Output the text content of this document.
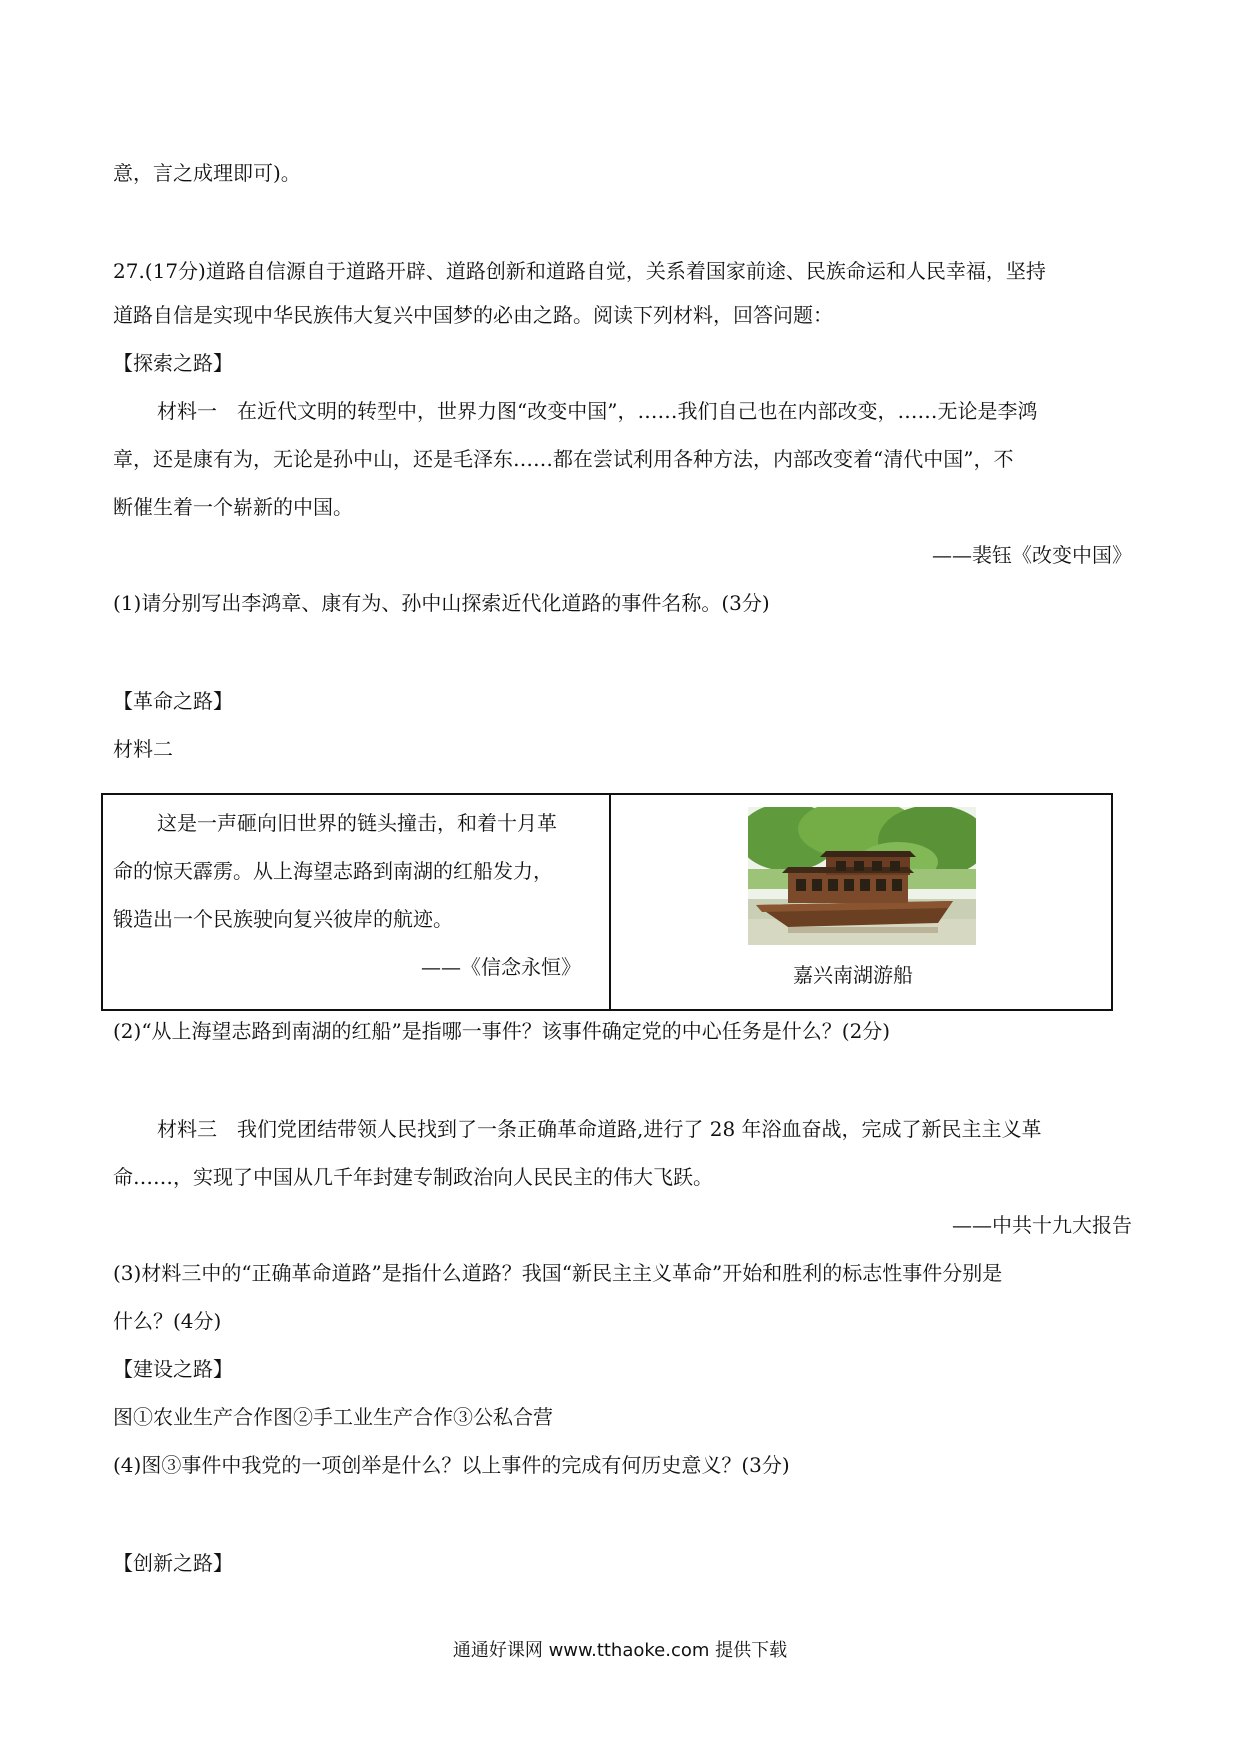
意，言之成理即可)。
27.(17分)道路自信源自于道路开辟、道路创新和道路自觉，关系着国家前途、民族命运和人民幸福，坚持
道路自信是实现中华民族伟大复兴中国梦的必由之路。阅读下列材料，回答问题：
【探索之路】
材料一　在近代文明的转型中，世界力图“改变中国”，……我们自己也在内部改变，……无论是李鸿
章，还是康有为，无论是孙中山，还是毛泽东……都在尝试利用各种方法，内部改变着“清代中国”，不
断催生着一个崭新的中国。
——裴钰《改变中国》
(1)请分别写出李鸿章、康有为、孙中山探索近代化道路的事件名称。(3分)
【革命之路】
材料二
这是一声砸向旧世界的链头撞击，和着十月革
命的惊天霹雳。从上海望志路到南湖的红船发力，
锻造出一个民族驶向复兴彼岸的航迹。
——《信念永恒》	嘉兴南湖游船
(2)“从上海望志路到南湖的红船”是指哪一事件？该事件确定党的中心任务是什么？(2分)
材料三　我们党团结带领人民找到了一条正确革命道路,进行了 28 年浴血奋战，完成了新民主主义革
命……，实现了中国从几千年封建专制政治向人民民主的伟大飞跃。
——中共十九大报告
(3)材料三中的“正确革命道路”是指什么道路？我国“新民主主义革命”开始和胜利的标志性事件分别是
什么？(4分)
【建设之路】
图①农业生产合作图②手工业生产合作③公私合营
(4)图③事件中我党的一项创举是什么？以上事件的完成有何历史意义？(3分)
【创新之路】
通通好课网 www.tthaoke.com 提供下载
